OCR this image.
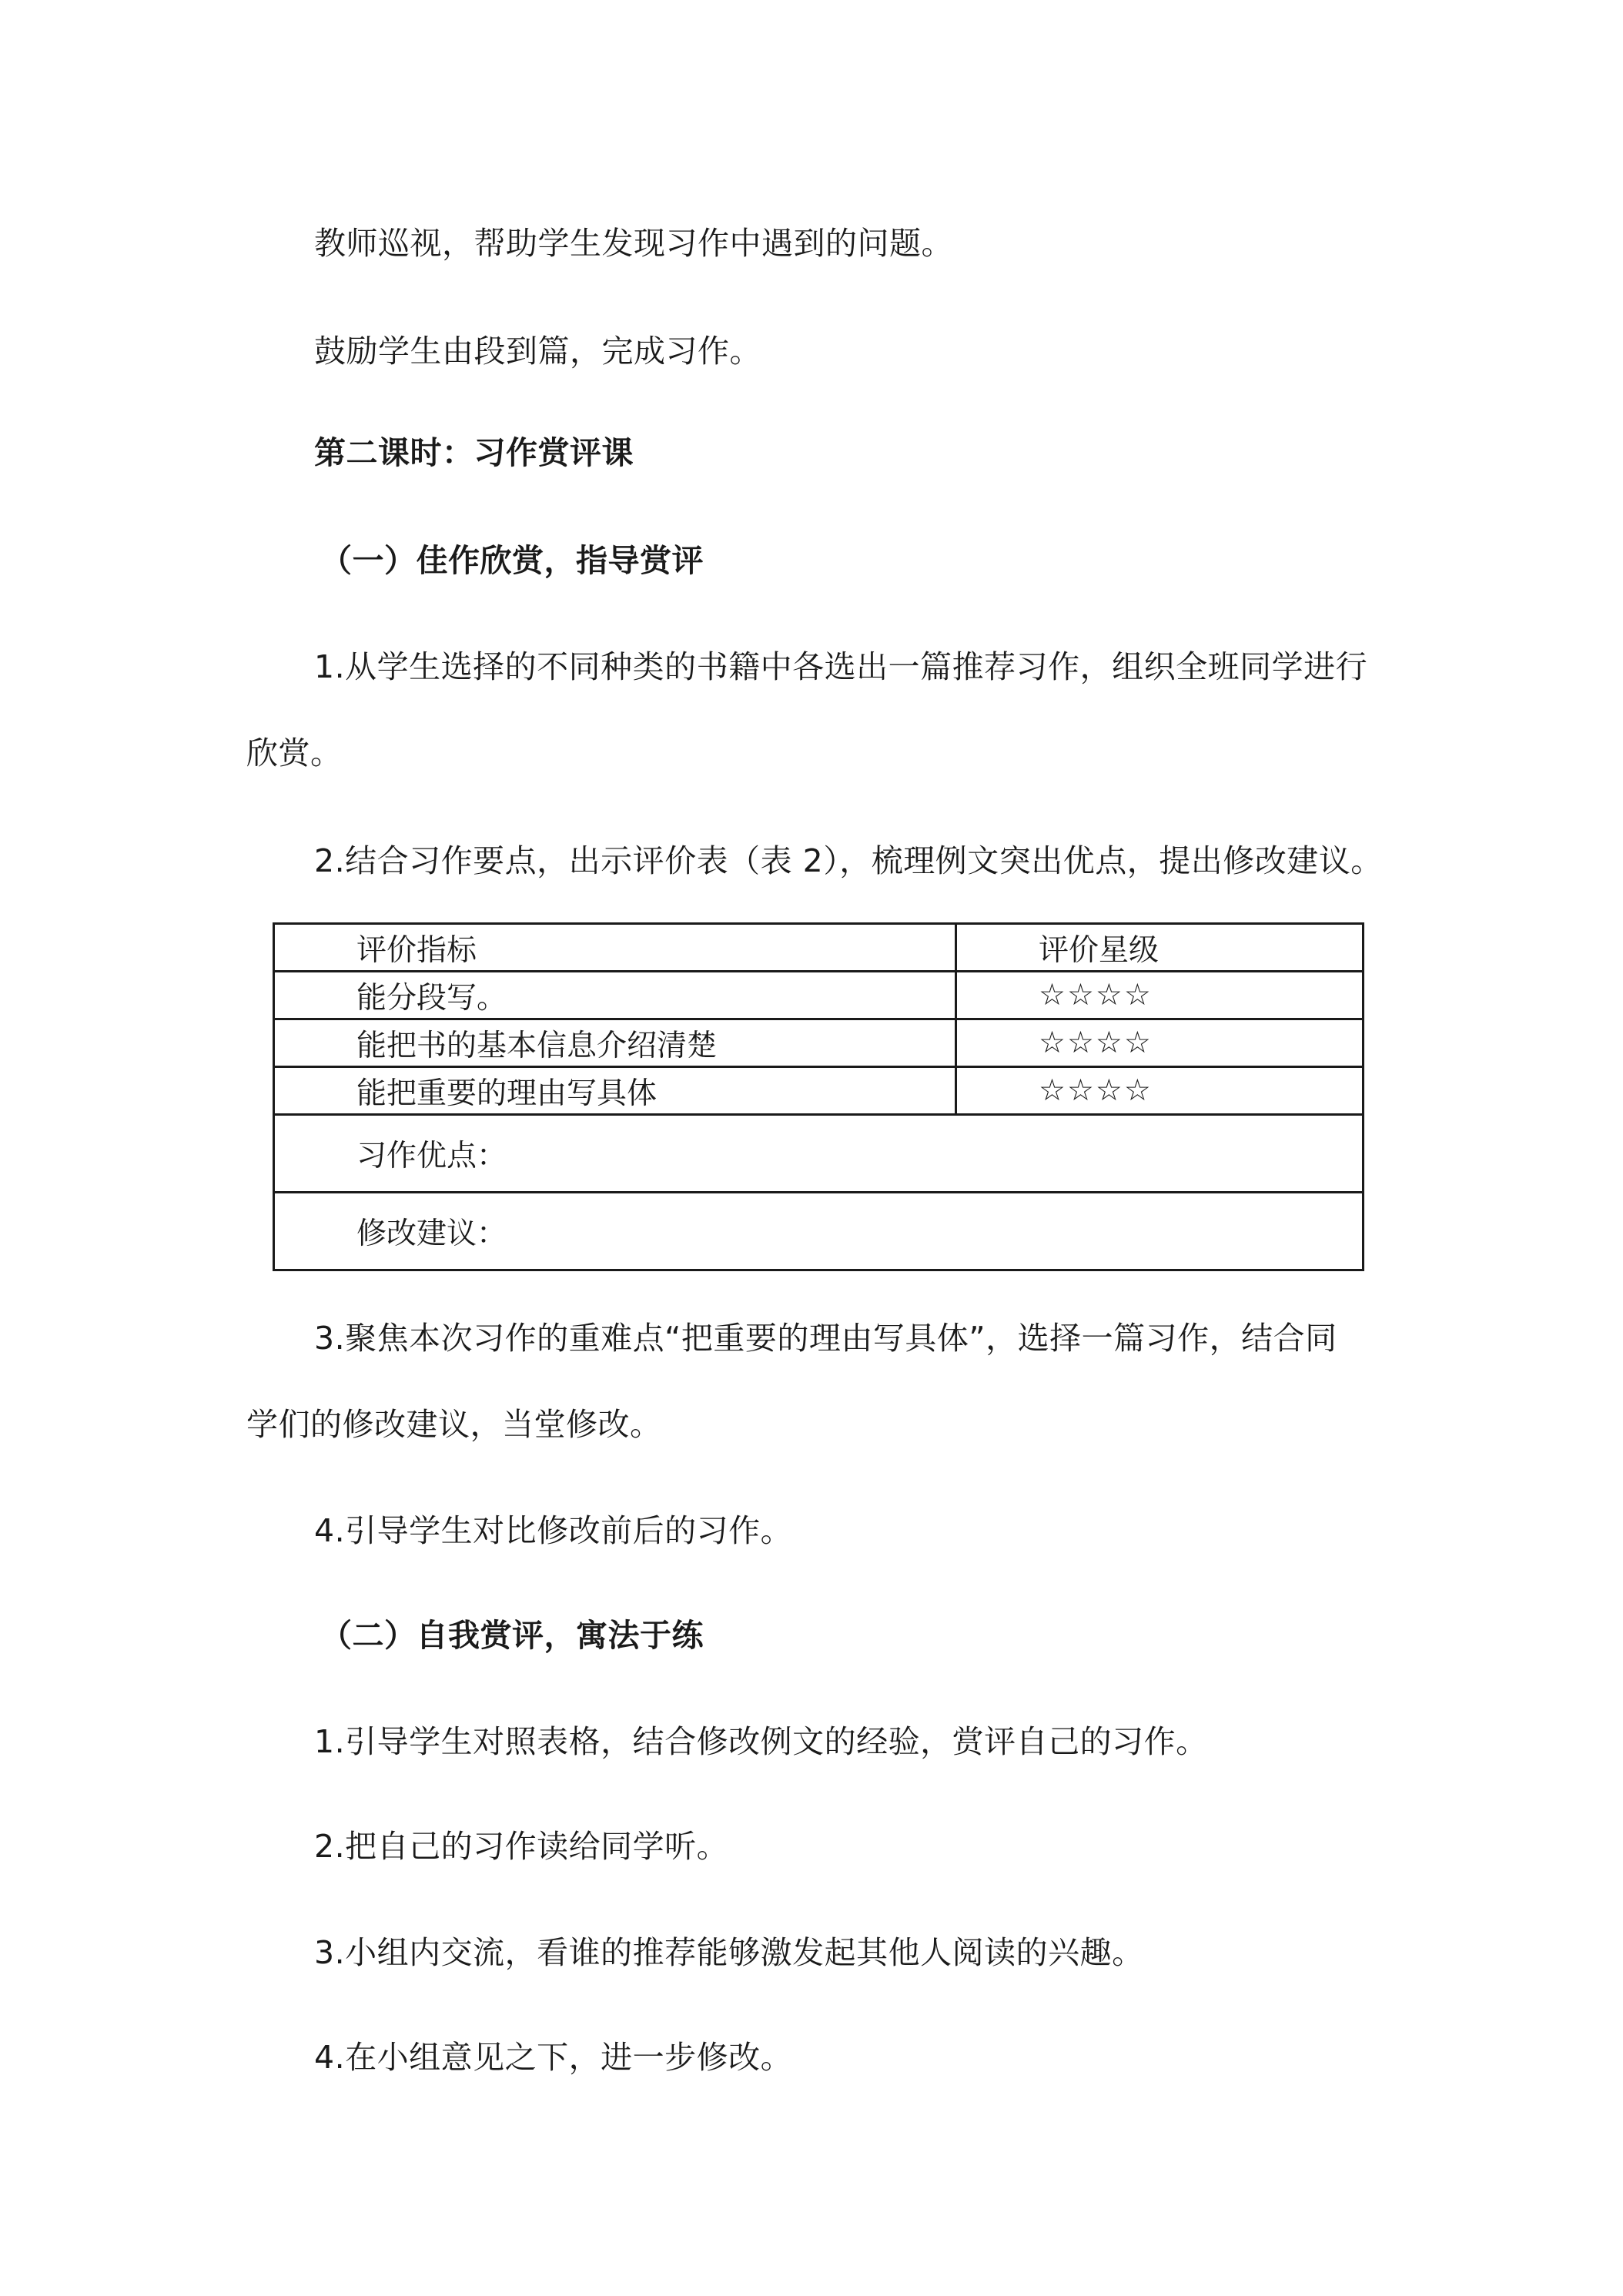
教师巡视，帮助学生发现习作中遇到的问题。
鼓励学生由段到篇，完成习作。
第二课时：习作赏评课
（一）佳作欣赏，指导赏评
1.从学生选择的不同种类的书籍中各选出一篇推荐习作，组织全班同学进行
欣赏。
2.结合习作要点，出示评价表（表 2），梳理例文突出优点，提出修改建议。
评价指标	评价星级
能分段写。	☆☆☆☆
能把书的基本信息介绍清楚	☆☆☆☆
能把重要的理由写具体	☆☆☆☆
习作优点：	
修改建议：	
3.聚焦本次习作的重难点“把重要的理由写具体”，选择一篇习作，结合同
学们的修改建议，当堂修改。
4.引导学生对比修改前后的习作。
（二）自我赏评，寓法于练
1.引导学生对照表格，结合修改例文的经验，赏评自己的习作。
2.把自己的习作读给同学听。
3.小组内交流，看谁的推荐能够激发起其他人阅读的兴趣。
4.在小组意见之下，进一步修改。
